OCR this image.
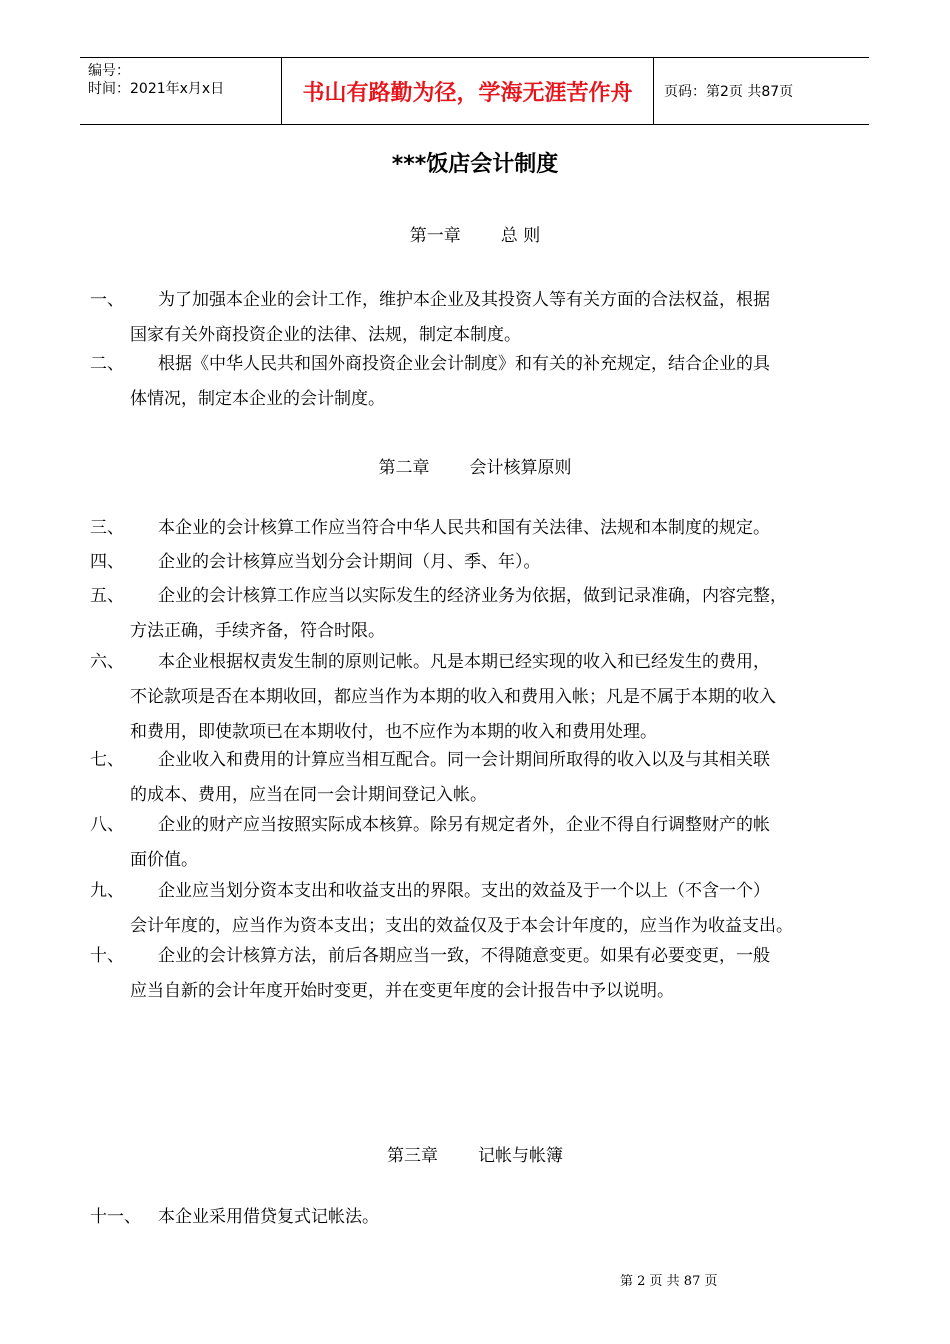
编号：
时间：2021年x月x日	书山有路勤为径，学海无涯苦作舟	页码：第2页 共87页
***饭店会计制度
第一章 总 则
一、 为了加强本企业的会计工作，维护本企业及其投资人等有关方面的合法权益，根据
国家有关外商投资企业的法律、法规，制定本制度。
二、 根据《中华人民共和国外商投资企业会计制度》和有关的补充规定，结合企业的具
体情况，制定本企业的会计制度。
第二章 会计核算原则
三、 本企业的会计核算工作应当符合中华人民共和国有关法律、法规和本制度的规定。
四、 企业的会计核算应当划分会计期间（月、季、年）。
五、 企业的会计核算工作应当以实际发生的经济业务为依据，做到记录准确，内容完整，
方法正确，手续齐备，符合时限。
六、 本企业根据权责发生制的原则记帐。凡是本期已经实现的收入和已经发生的费用，
不论款项是否在本期收回，都应当作为本期的收入和费用入帐；凡是不属于本期的收入
和费用，即使款项已在本期收付，也不应作为本期的收入和费用处理。
七、 企业收入和费用的计算应当相互配合。同一会计期间所取得的收入以及与其相关联
的成本、费用，应当在同一会计期间登记入帐。
八、 企业的财产应当按照实际成本核算。除另有规定者外，企业不得自行调整财产的帐
面价值。
九、 企业应当划分资本支出和收益支出的界限。支出的效益及于一个以上（不含一个）
会计年度的，应当作为资本支出；支出的效益仅及于本会计年度的，应当作为收益支出。
十、 企业的会计核算方法，前后各期应当一致，不得随意变更。如果有必要变更，一般
应当自新的会计年度开始时变更，并在变更年度的会计报告中予以说明。
第三章 记帐与帐簿
十一、 本企业采用借贷复式记帐法。
第 2 页 共 87 页
